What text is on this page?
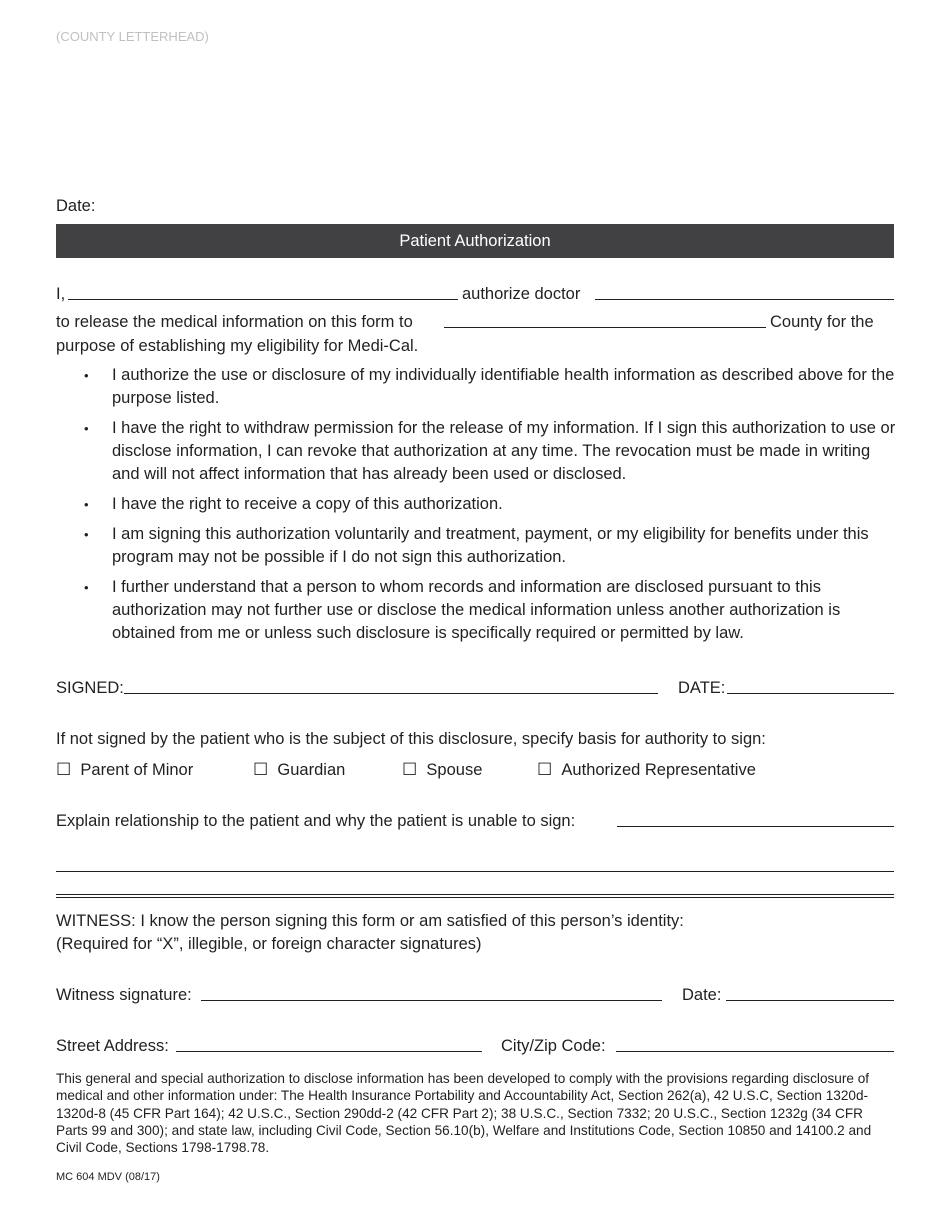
(COUNTY LETTERHEAD)
Date:
Patient Authorization
I,	authorize doctor
to release the medical information on this form to	County for the
purpose of establishing my eligibility for Medi-Cal.
• I authorize the use or disclosure of my individually identifiable health information as described above for the purpose listed.
• I have the right to withdraw permission for the release of my information. If I sign this authorization to use or disclose information, I can revoke that authorization at any time. The revocation must be made in writing and will not affect information that has already been used or disclosed.
• I have the right to receive a copy of this authorization.
• I am signing this authorization voluntarily and treatment, payment, or my eligibility for benefits under this program may not be possible if I do not sign this authorization.
• I further understand that a person to whom records and information are disclosed pursuant to this authorization may not further use or disclose the medical information unless another authorization is obtained from me or unless such disclosure is specifically required or permitted by law.
SIGNED:	DATE:
If not signed by the patient who is the subject of this disclosure, specify basis for authority to sign:
☐ Parent of Minor	☐ Guardian	☐ Spouse	☐ Authorized Representative
Explain relationship to the patient and why the patient is unable to sign:
WITNESS: I know the person signing this form or am satisfied of this person’s identity:
(Required for “X”, illegible, or foreign character signatures)
Witness signature:	Date:
Street Address:	City/Zip Code:
This general and special authorization to disclose information has been developed to comply with the provisions regarding disclosure of medical and other information under: The Health Insurance Portability and Accountability Act, Section 262(a), 42 U.S.C, Section 1320d-1320d-8 (45 CFR Part 164); 42 U.S.C., Section 290dd-2 (42 CFR Part 2); 38 U.S.C., Section 7332; 20 U.S.C., Section 1232g (34 CFR Parts 99 and 300); and state law, including Civil Code, Section 56.10(b), Welfare and Institutions Code, Section 10850 and 14100.2 and Civil Code, Sections 1798-1798.78.
MC 604 MDV (08/17)
